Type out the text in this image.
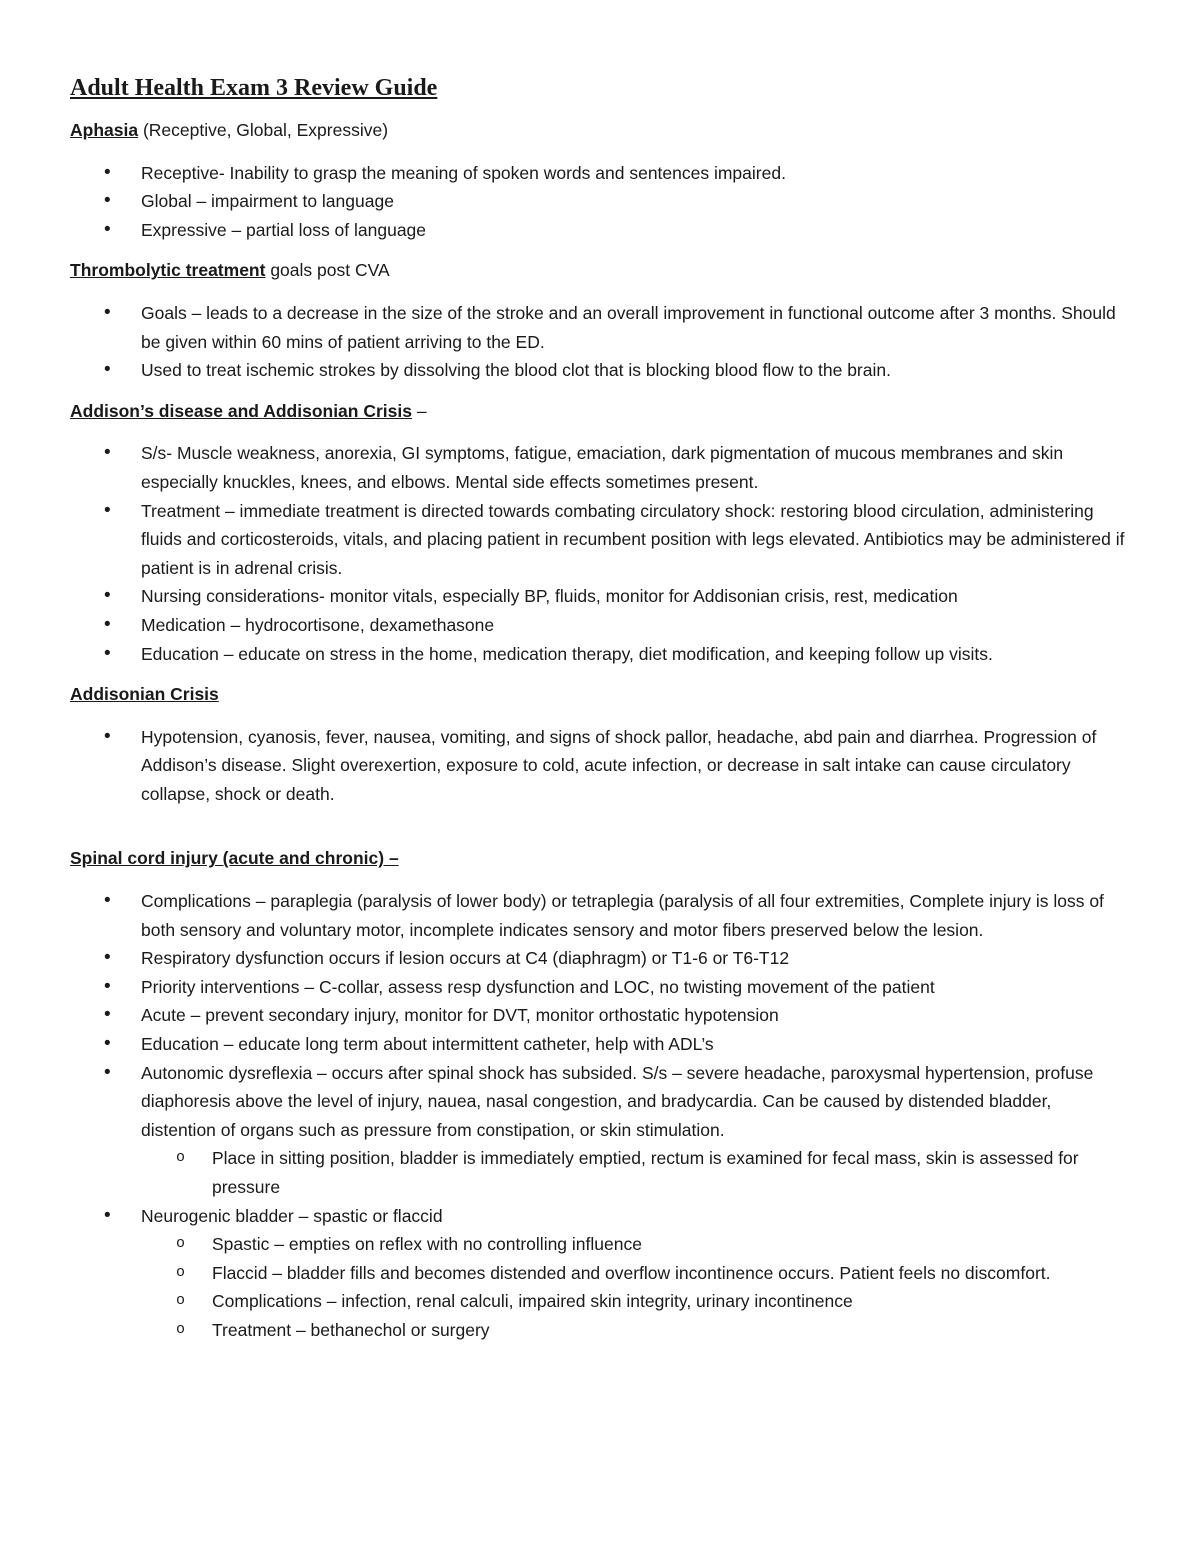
Adult Health Exam 3 Review Guide
Aphasia (Receptive, Global, Expressive)
• Receptive- Inability to grasp the meaning of spoken words and sentences impaired.
• Global – impairment to language
• Expressive – partial loss of language
Thrombolytic treatment goals post CVA
• Goals – leads to a decrease in the size of the stroke and an overall improvement in functional outcome after 3 months. Should be given within 60 mins of patient arriving to the ED.
• Used to treat ischemic strokes by dissolving the blood clot that is blocking blood flow to the brain.
Addison’s disease and Addisonian Crisis –
• S/s- Muscle weakness, anorexia, GI symptoms, fatigue, emaciation, dark pigmentation of mucous membranes and skin especially knuckles, knees, and elbows. Mental side effects sometimes present.
• Treatment – immediate treatment is directed towards combating circulatory shock: restoring blood circulation, administering fluids and corticosteroids, vitals, and placing patient in recumbent position with legs elevated. Antibiotics may be administered if patient is in adrenal crisis.
• Nursing considerations- monitor vitals, especially BP, fluids, monitor for Addisonian crisis, rest, medication
• Medication – hydrocortisone, dexamethasone
• Education – educate on stress in the home, medication therapy, diet modification, and keeping follow up visits.
Addisonian Crisis
• Hypotension, cyanosis, fever, nausea, vomiting, and signs of shock pallor, headache, abd pain and diarrhea. Progression of Addison’s disease. Slight overexertion, exposure to cold, acute infection, or decrease in salt intake can cause circulatory collapse, shock or death.
Spinal cord injury (acute and chronic) –
• Complications – paraplegia (paralysis of lower body) or tetraplegia (paralysis of all four extremities, Complete injury is loss of both sensory and voluntary motor, incomplete indicates sensory and motor fibers preserved below the lesion.
• Respiratory dysfunction occurs if lesion occurs at C4 (diaphragm) or T1-6 or T6-T12
• Priority interventions – C-collar, assess resp dysfunction and LOC, no twisting movement of the patient
• Acute – prevent secondary injury, monitor for DVT, monitor orthostatic hypotension
• Education – educate long term about intermittent catheter, help with ADL’s
• Autonomic dysreflexia – occurs after spinal shock has subsided. S/s – severe headache, paroxysmal hypertension, profuse diaphoresis above the level of injury, nauea, nasal congestion, and bradycardia. Can be caused by distended bladder, distention of organs such as pressure from constipation, or skin stimulation.
o Place in sitting position, bladder is immediately emptied, rectum is examined for fecal mass, skin is assessed for pressure
• Neurogenic bladder – spastic or flaccid
o Spastic – empties on reflex with no controlling influence
o Flaccid – bladder fills and becomes distended and overflow incontinence occurs. Patient feels no discomfort.
o Complications – infection, renal calculi, impaired skin integrity, urinary incontinence
o Treatment – bethanechol or surgery
